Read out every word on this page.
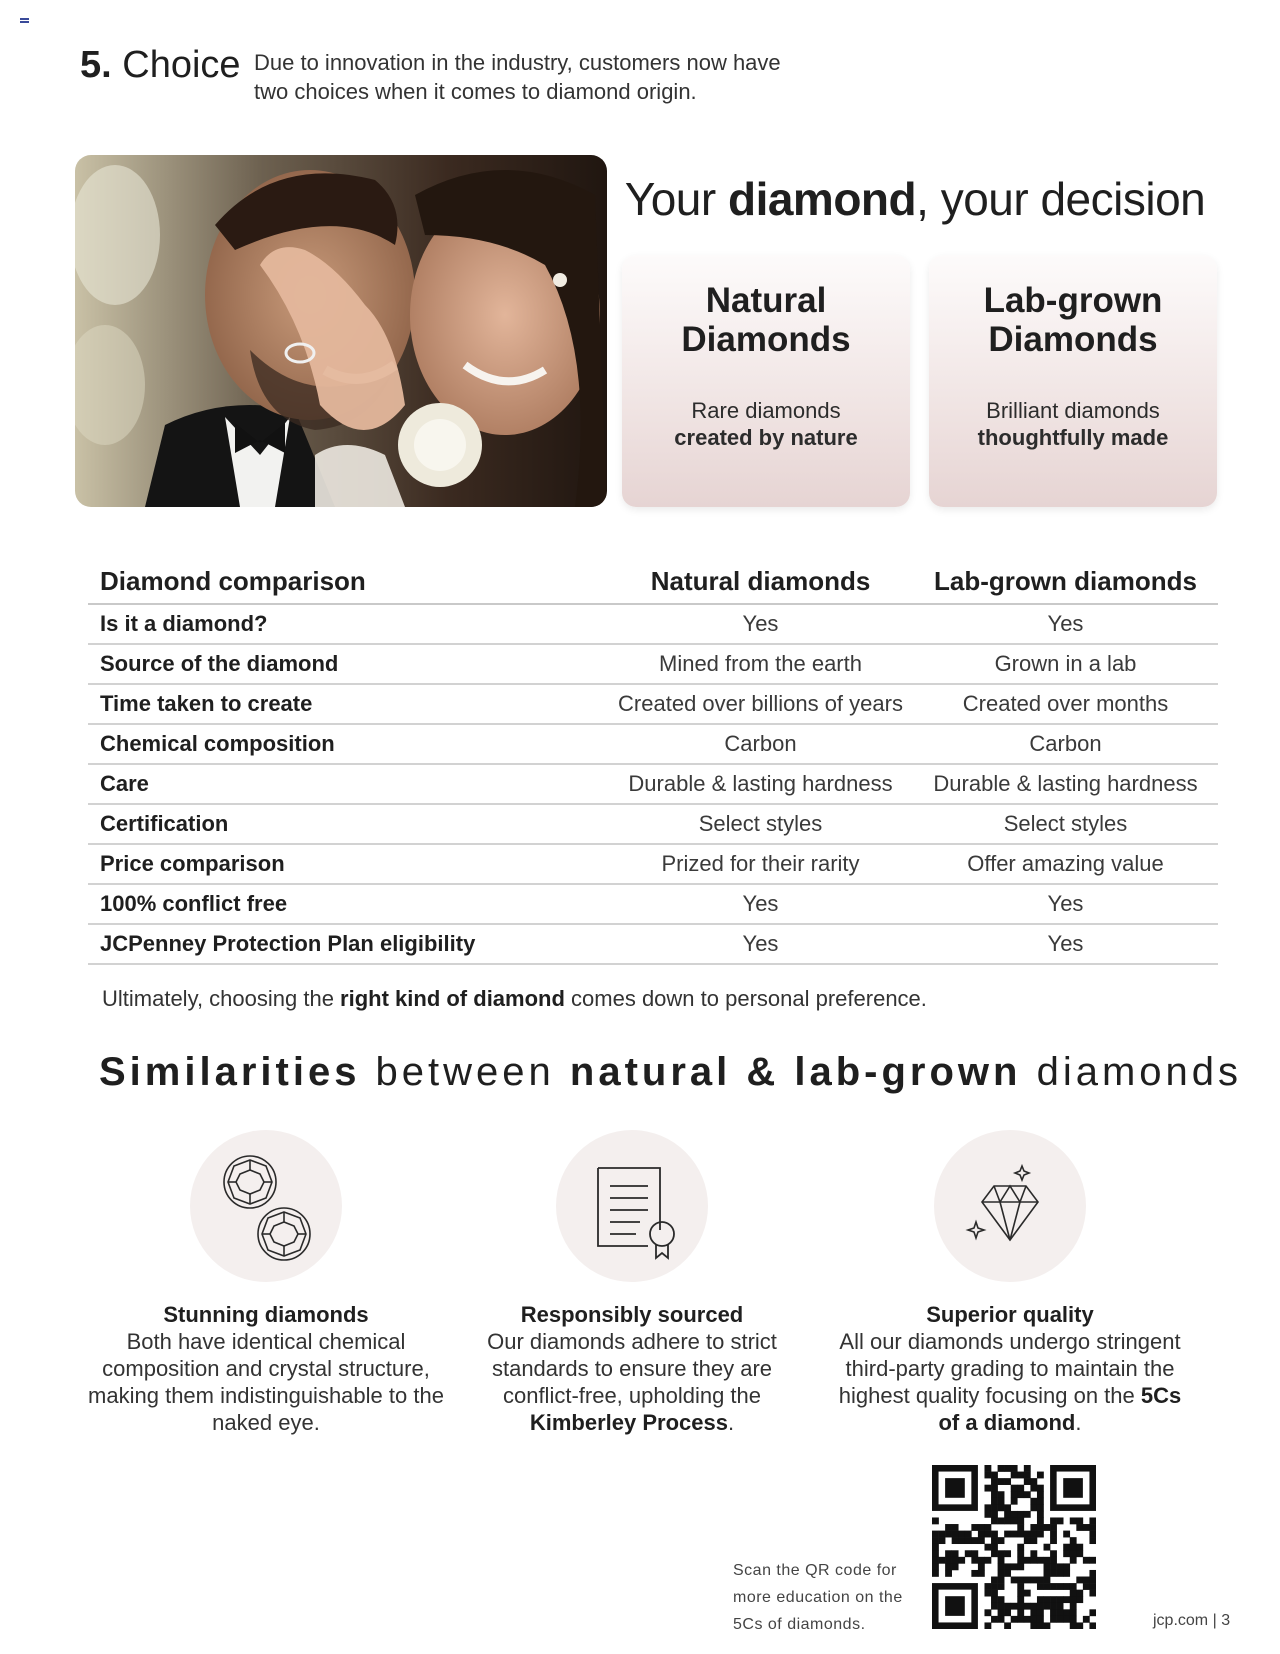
5. Choice Due to innovation in the industry, customers now have two choices when it comes to diamond origin.
Your diamond, your decision
Natural Diamonds
Rare diamonds
created by nature
Lab-grown Diamonds
Brilliant diamonds
thoughtfully made
Diamond comparison	Natural diamonds	Lab-grown diamonds
Is it a diamond?	Yes	Yes
Source of the diamond	Mined from the earth	Grown in a lab
Time taken to create	Created over billions of years	Created over months
Chemical composition	Carbon	Carbon
Care	Durable & lasting hardness	Durable & lasting hardness
Certification	Select styles	Select styles
Price comparison	Prized for their rarity	Offer amazing value
100% conflict free	Yes	Yes
JCPenney Protection Plan eligibility	Yes	Yes
Ultimately, choosing the right kind of diamond comes down to personal preference.
Similarities between natural & lab-grown diamonds
Stunning diamonds
Both have identical chemical composition and crystal structure, making them indistinguishable to the naked eye.
Responsibly sourced
Our diamonds adhere to strict standards to ensure they are conflict-free, upholding the Kimberley Process.
Superior quality
All our diamonds undergo stringent third-party grading to maintain the highest quality focusing on the 5Cs of a diamond.
Scan the QR code for more education on the 5Cs of diamonds.	jcp.com | 3
